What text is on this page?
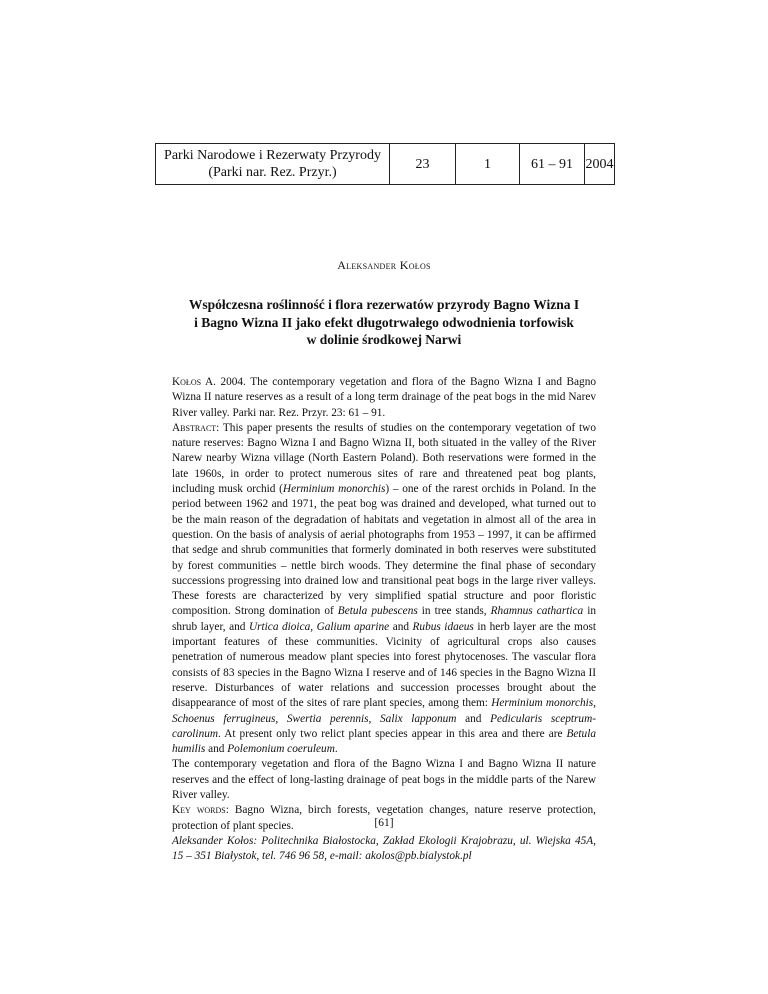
Parki Narodowe i Rezerwaty Przyrody
(Parki nar. Rez. Przyr.)	23	1	61 – 91	2004
Aleksander Kołos
Współczesna roślinność i flora rezerwatów przyrody Bagno Wizna I
i Bagno Wizna II jako efekt długotrwałego odwodnienia torfowisk
w dolinie środkowej Narwi

Kołos A. 2004. The contemporary vegetation and flora of the Bagno Wizna I and Bagno Wizna II nature reserves as a result of a long term drainage of the peat bogs in the mid Narev River valley. Parki nar. Rez. Przyr. 23: 61 – 91.

Abstract: This paper presents the results of studies on the contemporary vegetation of two nature reserves: Bagno Wizna I and Bagno Wizna II, both situated in the valley of the River Narew nearby Wizna village (North Eastern Poland). Both reservations were formed in the late 1960s, in order to protect numerous sites of rare and threatened peat bog plants, including musk orchid (Herminium monorchis) – one of the rarest orchids in Poland. In the period between 1962 and 1971, the peat bog was drained and developed, what turned out to be the main reason of the degradation of habitats and vegetation in almost all of the area in question. On the basis of analysis of aerial photographs from 1953 – 1997, it can be affirmed that sedge and shrub communities that formerly dominated in both reserves were substituted by forest communities – nettle birch woods. They determine the final phase of secondary successions progressing into drained low and transitional peat bogs in the large river valleys. These forests are characterized by very simplified spatial structure and poor floristic composition. Strong domination of Betula pubescens in tree stands, Rhamnus cathartica in shrub layer, and Urtica dioica, Galium aparine and Rubus idaeus in herb layer are the most important features of these communities. Vicinity of agricultural crops also causes penetration of numerous meadow plant species into forest phytocenoses. The vascular flora consists of 83 species in the Bagno Wizna I reserve and of 146 species in the Bagno Wizna II reserve. Disturbances of water relations and succession processes brought about the disappearance of most of the sites of rare plant species, among them: Herminium monorchis, Schoenus ferrugineus, Swertia perennis, Salix lapponum and Pedicularis sceptrum-carolinum. At present only two relict plant species appear in this area and there are Betula humilis and Polemonium coeruleum.

The contemporary vegetation and flora of the Bagno Wizna I and Bagno Wizna II nature reserves and the effect of long-lasting drainage of peat bogs in the middle parts of the Narew River valley.

Key words: Bagno Wizna, birch forests, vegetation changes, nature reserve protection, protection of plant species.

Aleksander Kołos: Politechnika Białostocka, Zakład Ekologii Krajobrazu, ul. Wiejska 45A, 15 – 351 Białystok, tel. 746 96 58, e-mail: akolos@pb.bialystok.pl

[61]
